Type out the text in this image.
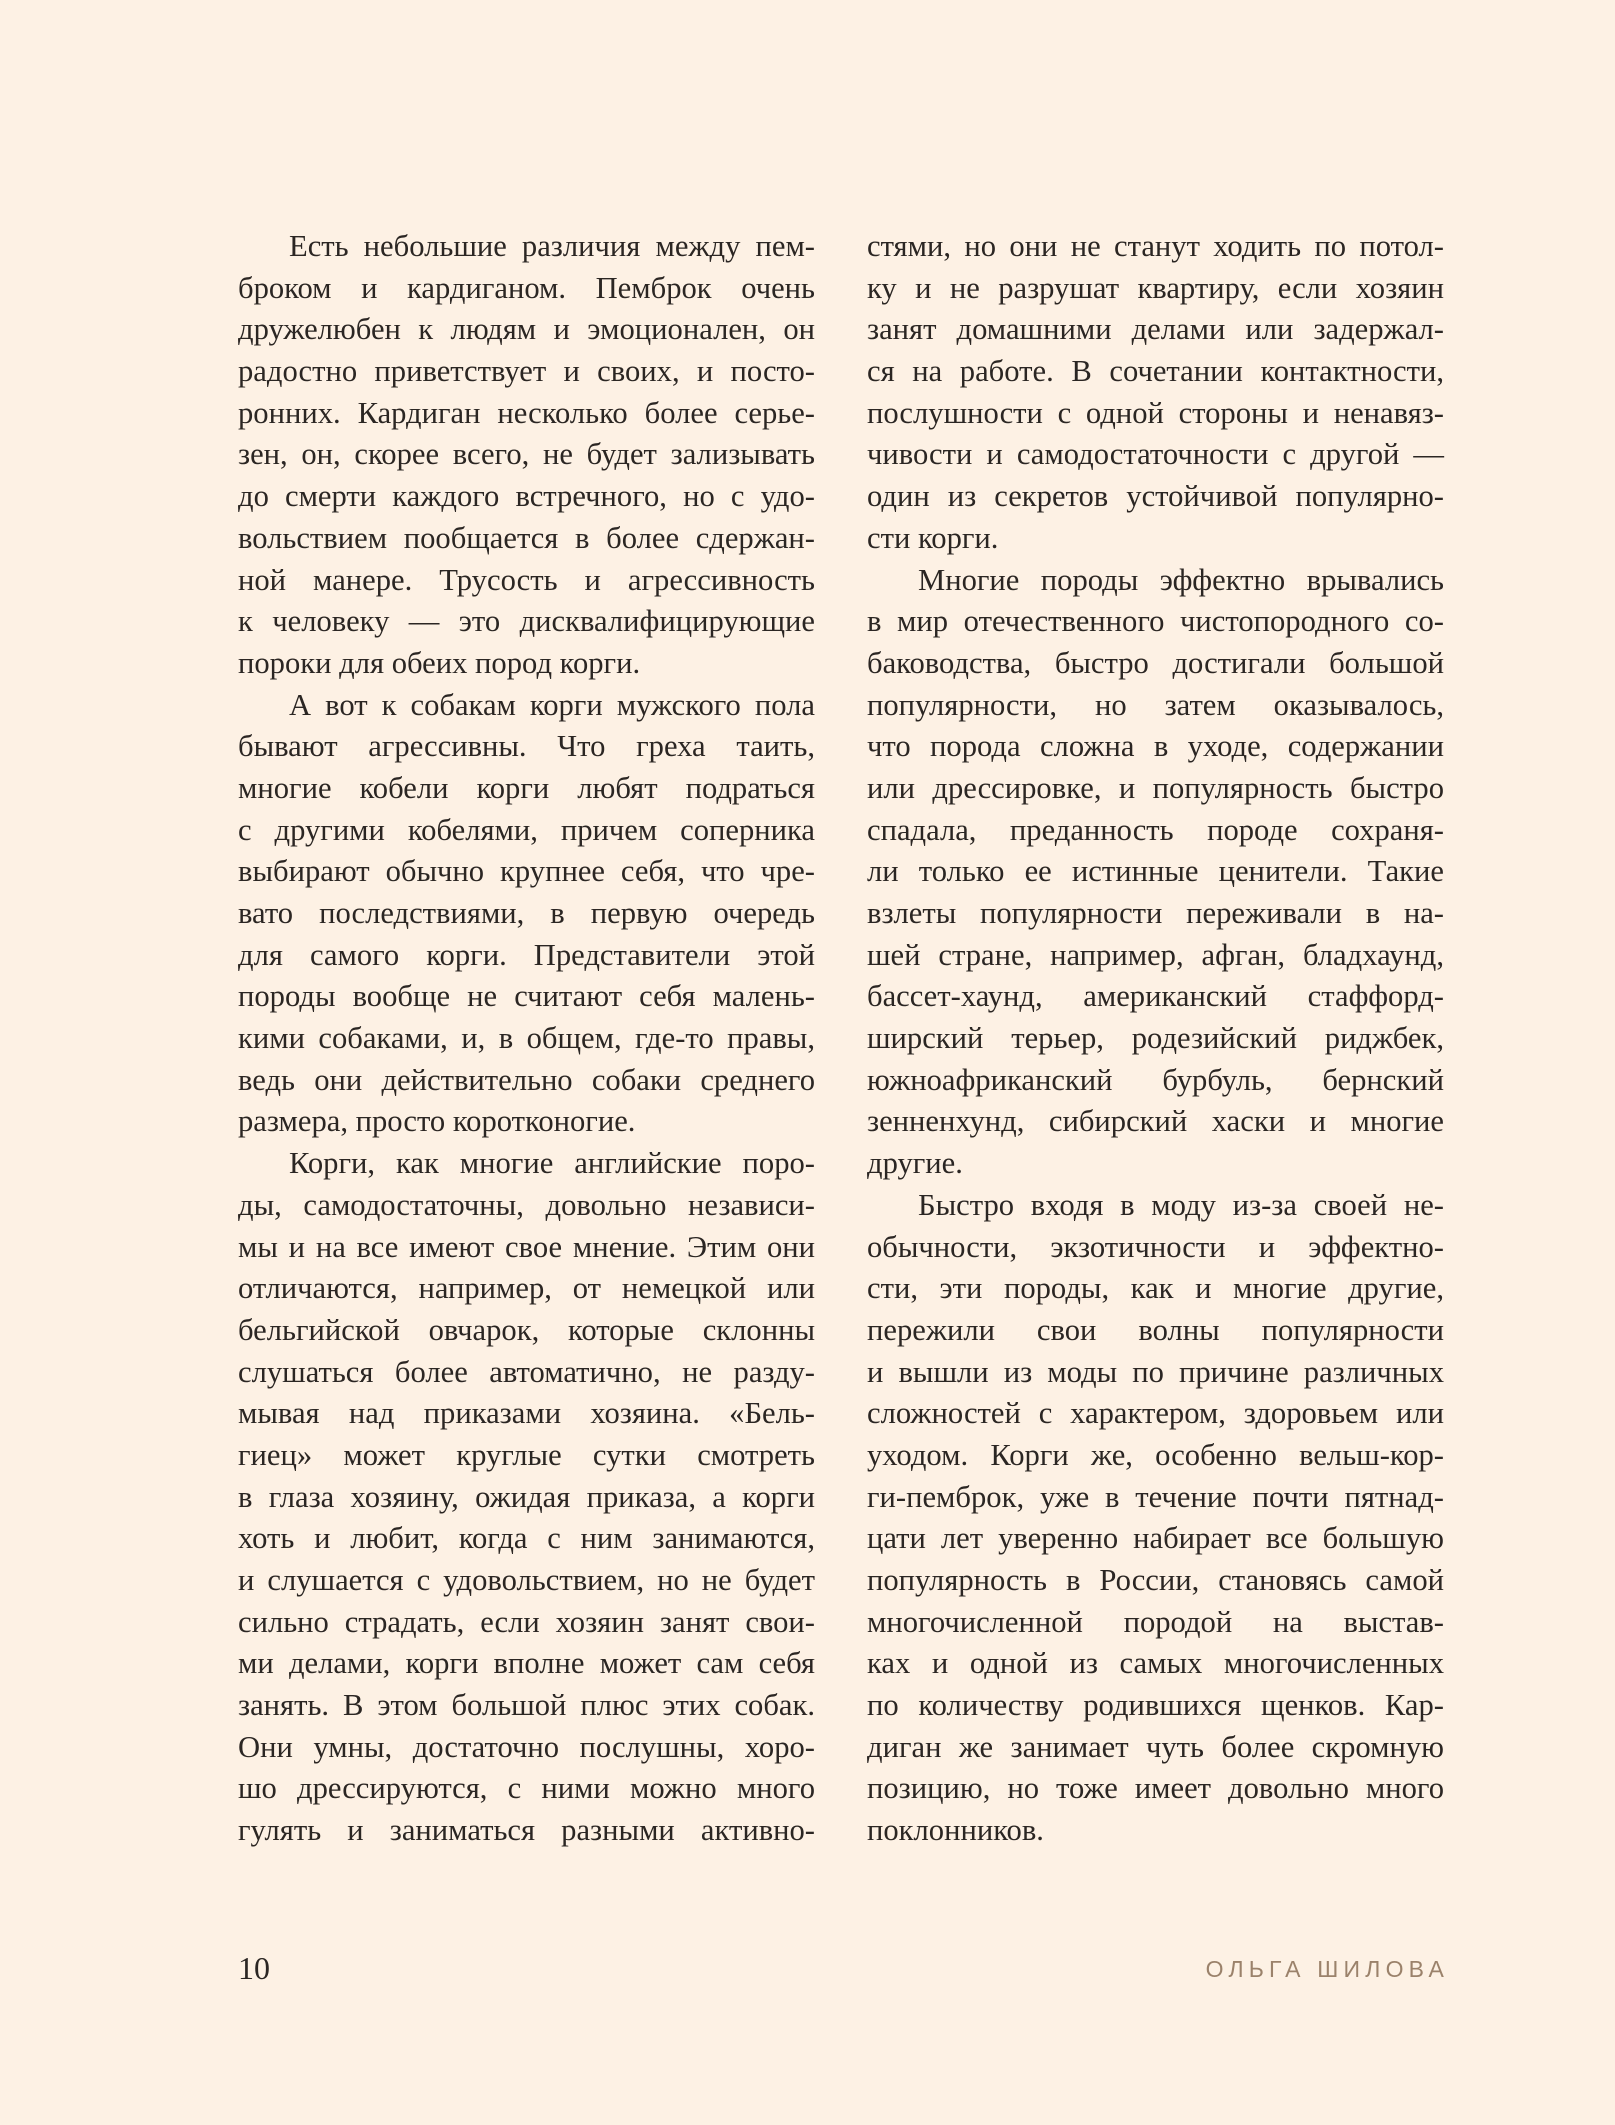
Есть небольшие различия между пем-
броком и кардиганом. Пемброк очень
дружелюбен к людям и эмоционален, он
радостно приветствует и своих, и посто-
ронних. Кардиган несколько более серье-
зен, он, скорее всего, не будет зализывать
до смерти каждого встречного, но с удо-
вольствием пообщается в более сдержан-
ной манере. Трусость и агрессивность
к человеку — это дисквалифицирующие
пороки для обеих пород корги.
А вот к собакам корги мужского пола
бывают агрессивны. Что греха таить,
многие кобели корги любят подраться
с другими кобелями, причем соперника
выбирают обычно крупнее себя, что чре-
вато последствиями, в первую очередь
для самого корги. Представители этой
породы вообще не считают себя малень-
кими собаками, и, в общем, где-то правы,
ведь они действительно собаки среднего
размера, просто коротконогие.
Корги, как многие английские поро-
ды, самодостаточны, довольно независи-
мы и на все имеют свое мнение. Этим они
отличаются, например, от немецкой или
бельгийской овчарок, которые склонны
слушаться более автоматично, не разду-
мывая над приказами хозяина. «Бель-
гиец» может круглые сутки смотреть
в глаза хозяину, ожидая приказа, а корги
хоть и любит, когда с ним занимаются,
и слушается с удовольствием, но не будет
сильно страдать, если хозяин занят свои-
ми делами, корги вполне может сам себя
занять. В этом большой плюс этих собак.
Они умны, достаточно послушны, хоро-
шо дрессируются, с ними можно много
гулять и заниматься разными активно-
стями, но они не станут ходить по потол-
ку и не разрушат квартиру, если хозяин
занят домашними делами или задержал-
ся на работе. В сочетании контактности,
послушности с одной стороны и ненавяз-
чивости и самодостаточности с другой —
один из секретов устойчивой популярно-
сти корги.
Многие породы эффектно врывались
в мир отечественного чистопородного со-
баководства, быстро достигали большой
популярности, но затем оказывалось,
что порода сложна в уходе, содержании
или дрессировке, и популярность быстро
спадала, преданность породе сохраня-
ли только ее истинные ценители. Такие
взлеты популярности переживали в на-
шей стране, например, афган, бладхаунд,
бассет-хаунд, американский стаффорд-
ширский терьер, родезийский риджбек,
южноафриканский бурбуль, бернский
зенненхунд, сибирский хаски и многие
другие.
Быстро входя в моду из-за своей не-
обычности, экзотичности и эффектно-
сти, эти породы, как и многие другие,
пережили свои волны популярности
и вышли из моды по причине различных
сложностей с характером, здоровьем или
уходом. Корги же, особенно вельш-кор-
ги-пемброк, уже в течение почти пятнад-
цати лет уверенно набирает все большую
популярность в России, становясь самой
многочисленной породой на выстав-
ках и одной из самых многочисленных
по количеству родившихся щенков. Кар-
диган же занимает чуть более скромную
позицию, но тоже имеет довольно много
поклонников.
10	ОЛЬГА ШИЛОВА
